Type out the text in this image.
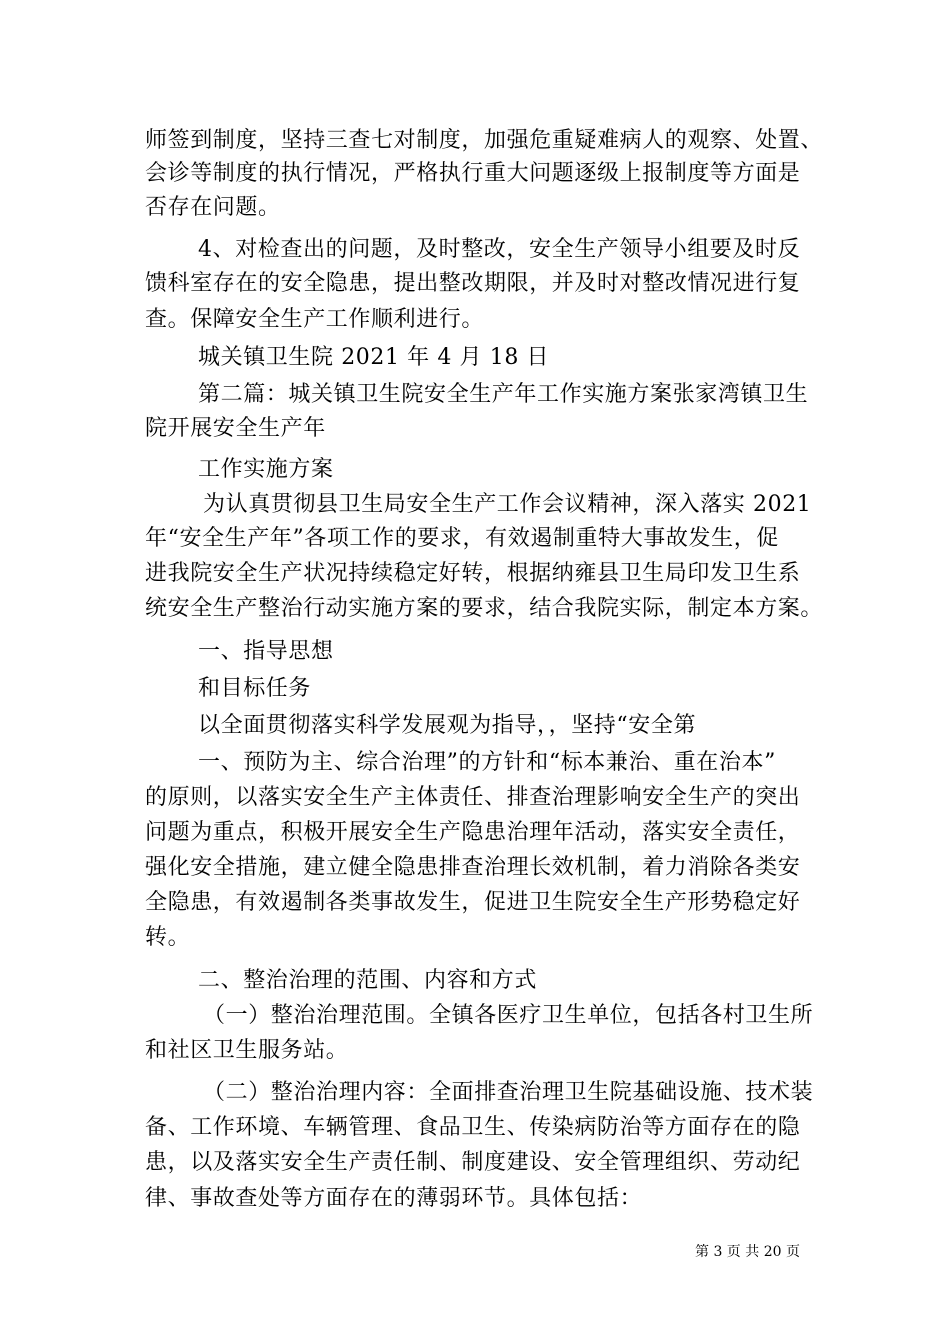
师签到制度，坚持三查七对制度，加强危重疑难病人的观察、处置、
会诊等制度的执行情况，严格执行重大问题逐级上报制度等方面是
否存在问题。
4、对检查出的问题，及时整改，安全生产领导小组要及时反
馈科室存在的安全隐患，提出整改期限，并及时对整改情况进行复
查。保障安全生产工作顺利进行。
城关镇卫生院 2021 年 4 月 18 日
第二篇：城关镇卫生院安全生产年工作实施方案张家湾镇卫生
院开展安全生产年
工作实施方案
为认真贯彻县卫生局安全生产工作会议精神，深入落实 2021
年“安全生产年”各项工作的要求，有效遏制重特大事故发生，促
进我院安全生产状况持续稳定好转，根据纳雍县卫生局印发卫生系
统安全生产整治行动实施方案的要求，结合我院实际，制定本方案。
一、指导思想
和目标任务
以全面贯彻落实科学发展观为指导，，坚持“安全第
一、预防为主、综合治理”的方针和“标本兼治、重在治本”
的原则，以落实安全生产主体责任、排查治理影响安全生产的突出
问题为重点，积极开展安全生产隐患治理年活动，落实安全责任，
强化安全措施，建立健全隐患排查治理长效机制，着力消除各类安
全隐患，有效遏制各类事故发生，促进卫生院安全生产形势稳定好
转。
二、整治治理的范围、内容和方式
（一）整治治理范围。全镇各医疗卫生单位，包括各村卫生所
和社区卫生服务站。
（二）整治治理内容：全面排查治理卫生院基础设施、技术装
备、工作环境、车辆管理、食品卫生、传染病防治等方面存在的隐
患，以及落实安全生产责任制、制度建设、安全管理组织、劳动纪
律、事故查处等方面存在的薄弱环节。具体包括：
第 3 页 共 20 页
